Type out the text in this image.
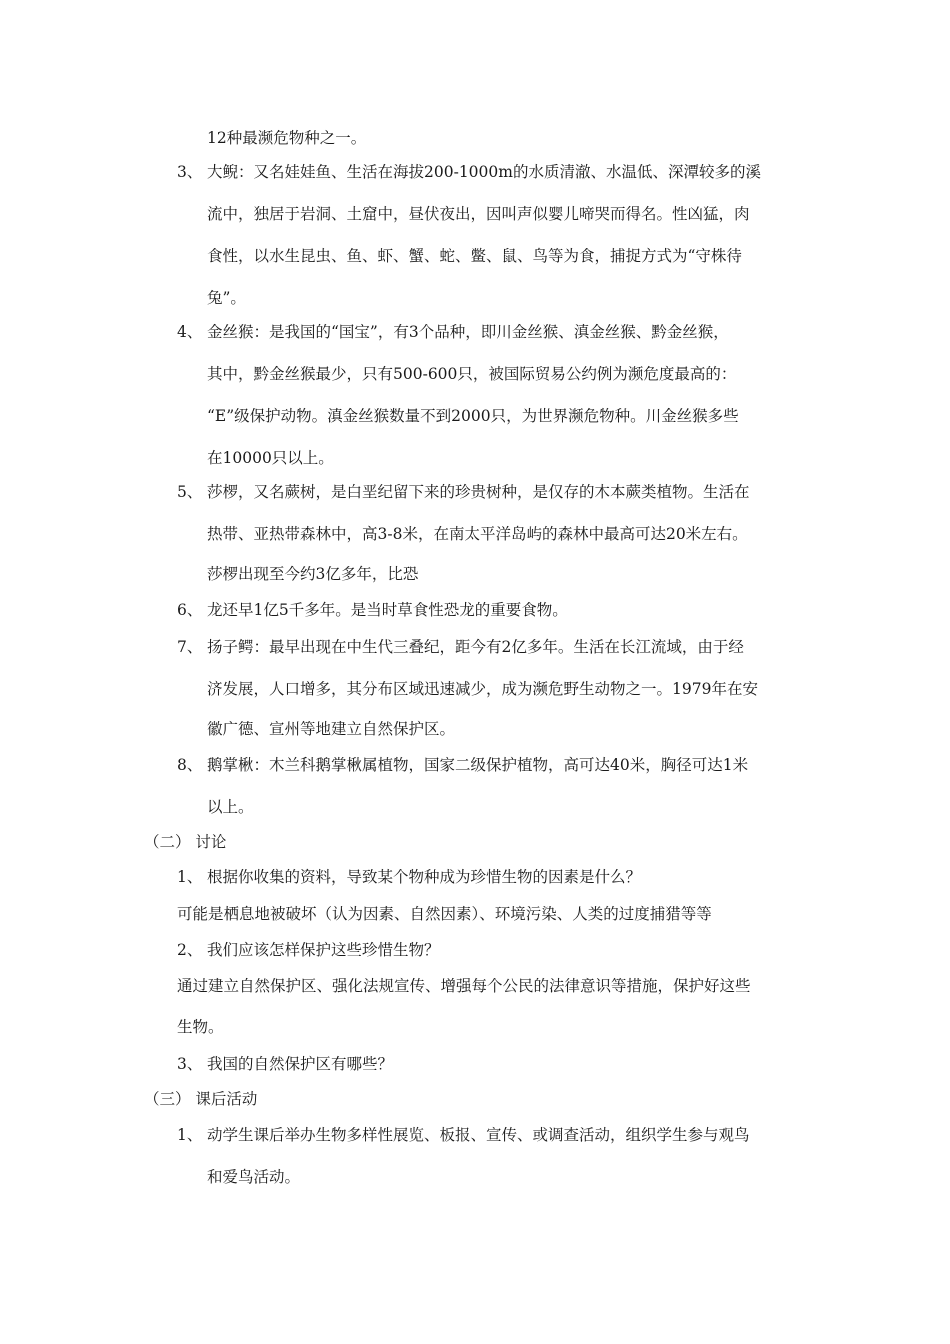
12种最濒危物种之一。
3、 大鲵：又名娃娃鱼、生活在海拔200-1000m的水质清澈、水温低、深潭较多的溪
流中，独居于岩洞、土窟中，昼伏夜出，因叫声似婴儿啼哭而得名。性凶猛，肉
食性，以水生昆虫、鱼、虾、蟹、蛇、鳖、鼠、鸟等为食，捕捉方式为“守株待
兔”。
4、 金丝猴：是我国的“国宝”，有3个品种，即川金丝猴、滇金丝猴、黔金丝猴，
其中，黔金丝猴最少，只有500-600只，被国际贸易公约例为濒危度最高的：
“E”级保护动物。滇金丝猴数量不到2000只，为世界濒危物种。川金丝猴多些
在10000只以上。
5、 莎椤，又名蕨树，是白垩纪留下来的珍贵树种，是仅存的木本蕨类植物。生活在
热带、亚热带森林中，高3-8米，在南太平洋岛屿的森林中最高可达20米左右。
莎椤出现至今约3亿多年，比恐
6、 龙还早1亿5千多年。是当时草食性恐龙的重要食物。
7、 扬子鳄：最早出现在中生代三叠纪，距今有2亿多年。生活在长江流域，由于经
济发展，人口增多，其分布区域迅速减少，成为濒危野生动物之一。1979年在安
徽广德、宣州等地建立自然保护区。
8、 鹅掌楸：木兰科鹅掌楸属植物，国家二级保护植物，高可达40米，胸径可达1米
以上。
（二） 讨论
1、 根据你收集的资料，导致某个物种成为珍惜生物的因素是什么？
可能是栖息地被破坏（认为因素、自然因素）、环境污染、人类的过度捕猎等等
2、 我们应该怎样保护这些珍惜生物？
通过建立自然保护区、强化法规宣传、增强每个公民的法律意识等措施，保护好这些
生物。
3、 我国的自然保护区有哪些？
（三） 课后活动
1、 动学生课后举办生物多样性展览、板报、宣传、或调查活动，组织学生参与观鸟
和爱鸟活动。
